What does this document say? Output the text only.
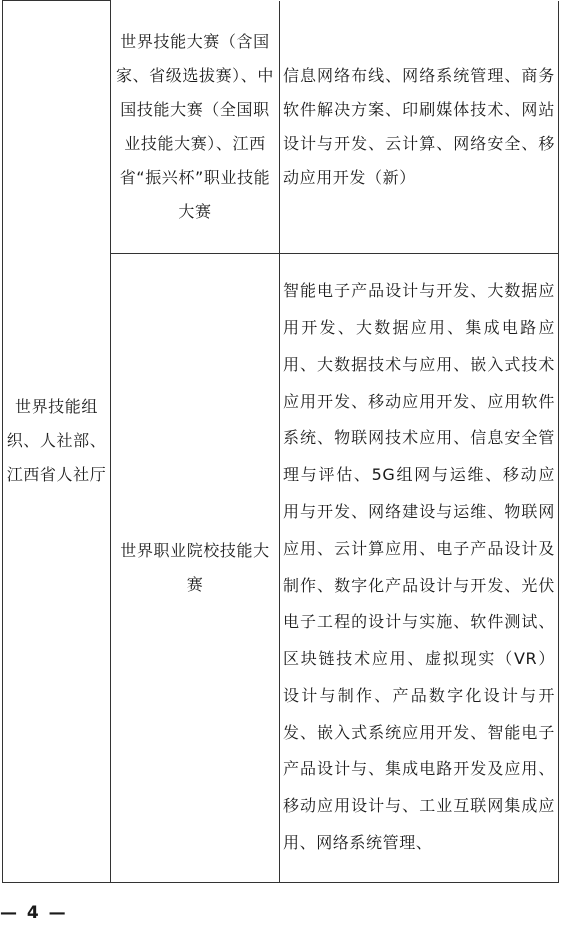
世界技能组织、人社部、江西省人社厅	世界技能大赛（含国家、省级选拔赛）、中国技能大赛（全国职业技能大赛）、江西省“振兴杯”职业技能大赛	信息网络布线、网络系统管理、商务软件解决方案、印刷媒体技术、网站设计与开发、云计算、网络安全、移动应用开发（新）
	世界职业院校技能大赛	智能电子产品设计与开发、大数据应用开发、大数据应用、集成电路应用、大数据技术与应用、嵌入式技术应用开发、移动应用开发、应用软件系统、物联网技术应用、信息安全管理与评估、5G组网与运维、移动应用与开发、网络建设与运维、物联网应用、云计算应用、电子产品设计及制作、数字化产品设计与开发、光伏电子工程的设计与实施、软件测试、区块链技术应用、虚拟现实（VR）设计与制作、产品数字化设计与开发、嵌入式系统应用开发、智能电子产品设计与、集成电路开发及应用、移动应用设计与、工业互联网集成应用、网络系统管理、
— 4 —
